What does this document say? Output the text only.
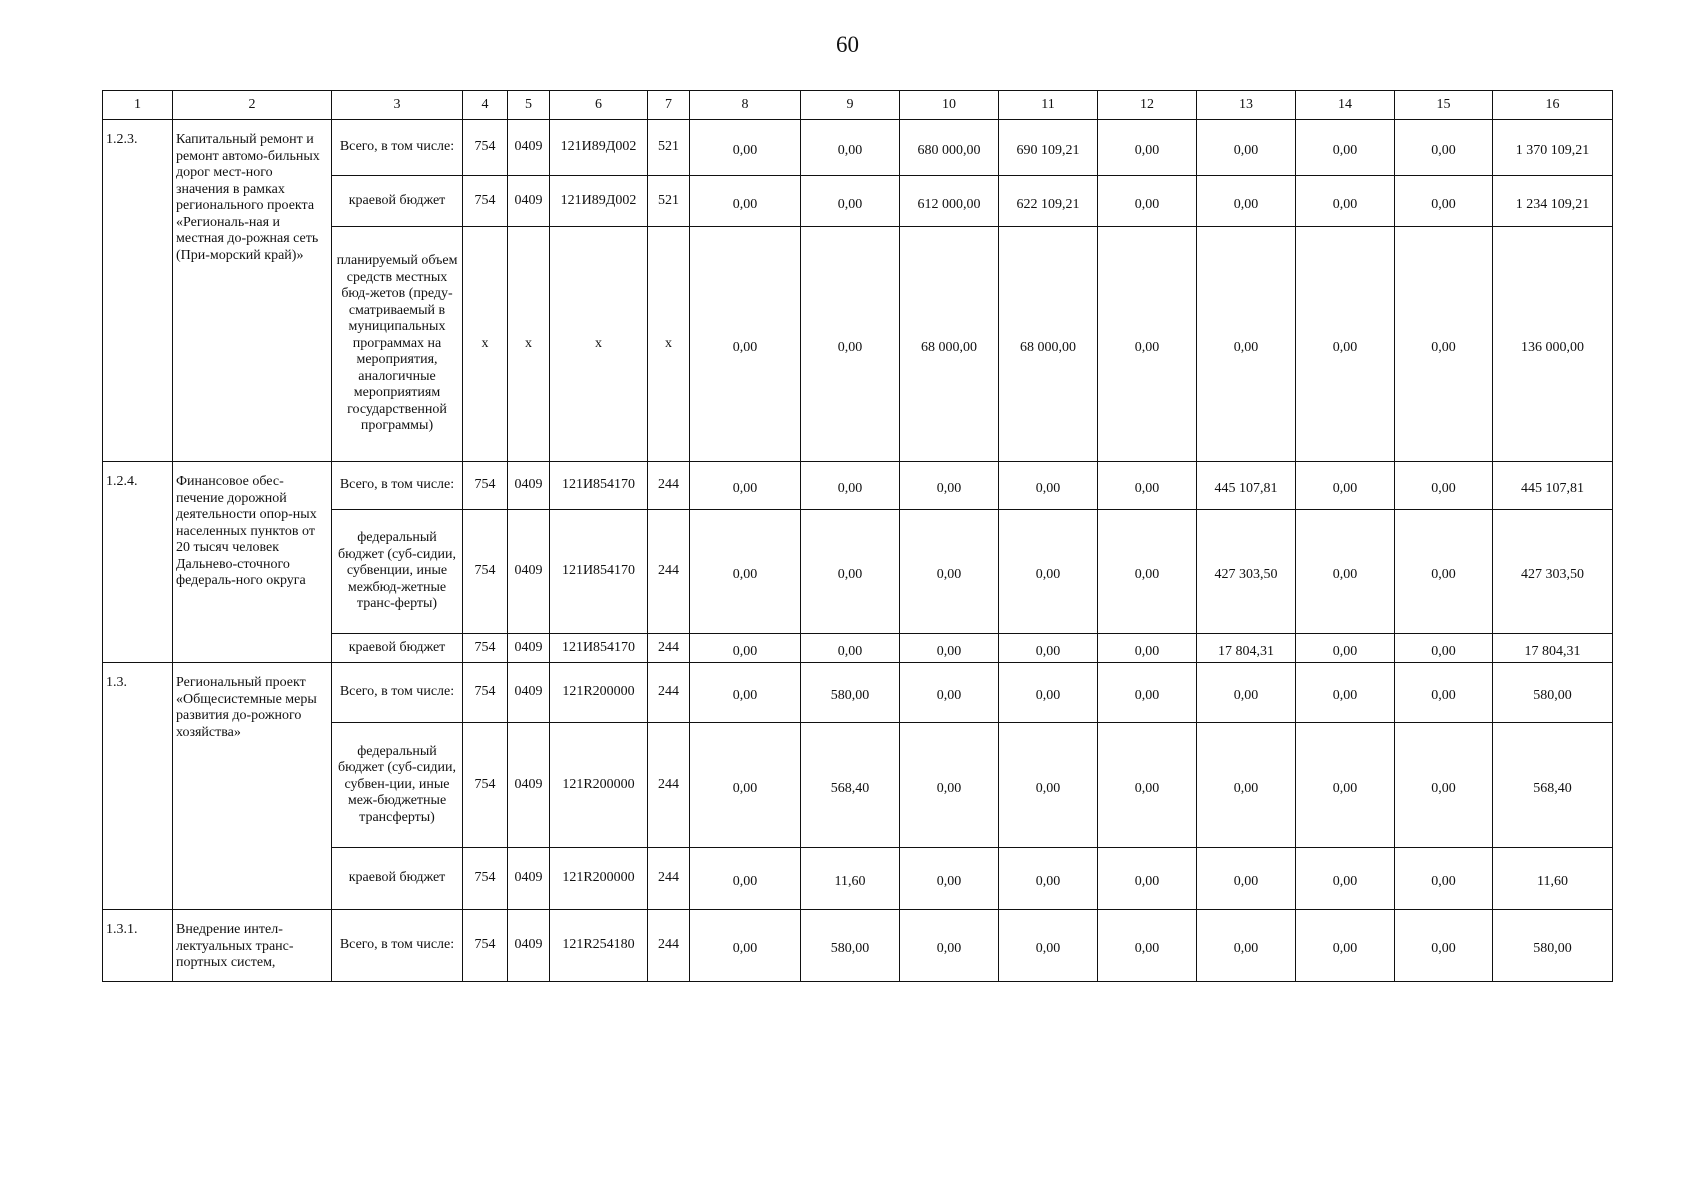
60
1	2	3	4	5	6	7	8	9	10	11	12	13	14	15	16
1.2.3.	Капитальный ремонт и ремонт автомо-бильных дорог мест-ного значения в рамках регионального проекта «Региональ-ная и местная до-рожная сеть (При-морский край)»	Всего, в том числе:	754	0409	121И89Д002	521	0,00	0,00	680 000,00	690 109,21	0,00	0,00	0,00	0,00	1 370 109,21
		краевой бюджет	754	0409	121И89Д002	521	0,00	0,00	612 000,00	622 109,21	0,00	0,00	0,00	0,00	1 234 109,21
		планируемый объем средств местных бюд-жетов (преду-сматриваемый в муниципальных программах на мероприятия, аналогичные мероприятиям государственной программы)	x	x	x	x	0,00	0,00	68 000,00	68 000,00	0,00	0,00	0,00	0,00	136 000,00
1.2.4.	Финансовое обес-печение дорожной деятельности опор-ных населенных пунктов от 20 тысяч человек Дальнево-сточного федераль-ного округа	Всего, в том числе:	754	0409	121И854170	244	0,00	0,00	0,00	0,00	0,00	445 107,81	0,00	0,00	445 107,81
		федеральный бюджет (суб-сидии, субвенции, иные межбюд-жетные транс-ферты)	754	0409	121И854170	244	0,00	0,00	0,00	0,00	0,00	427 303,50	0,00	0,00	427 303,50
		краевой бюджет	754	0409	121И854170	244	0,00	0,00	0,00	0,00	0,00	17 804,31	0,00	0,00	17 804,31
1.3.	Региональный проект «Общесистемные меры развития до-рожного хозяйства»	Всего, в том числе:	754	0409	121R200000	244	0,00	580,00	0,00	0,00	0,00	0,00	0,00	0,00	580,00
		федеральный бюджет (суб-сидии, субвен-ции, иные меж-бюджетные трансферты)	754	0409	121R200000	244	0,00	568,40	0,00	0,00	0,00	0,00	0,00	0,00	568,40
		краевой бюджет	754	0409	121R200000	244	0,00	11,60	0,00	0,00	0,00	0,00	0,00	0,00	11,60
1.3.1.	Внедрение интел-лектуальных транс-портных систем,	Всего, в том числе:	754	0409	121R254180	244	0,00	580,00	0,00	0,00	0,00	0,00	0,00	0,00	580,00
